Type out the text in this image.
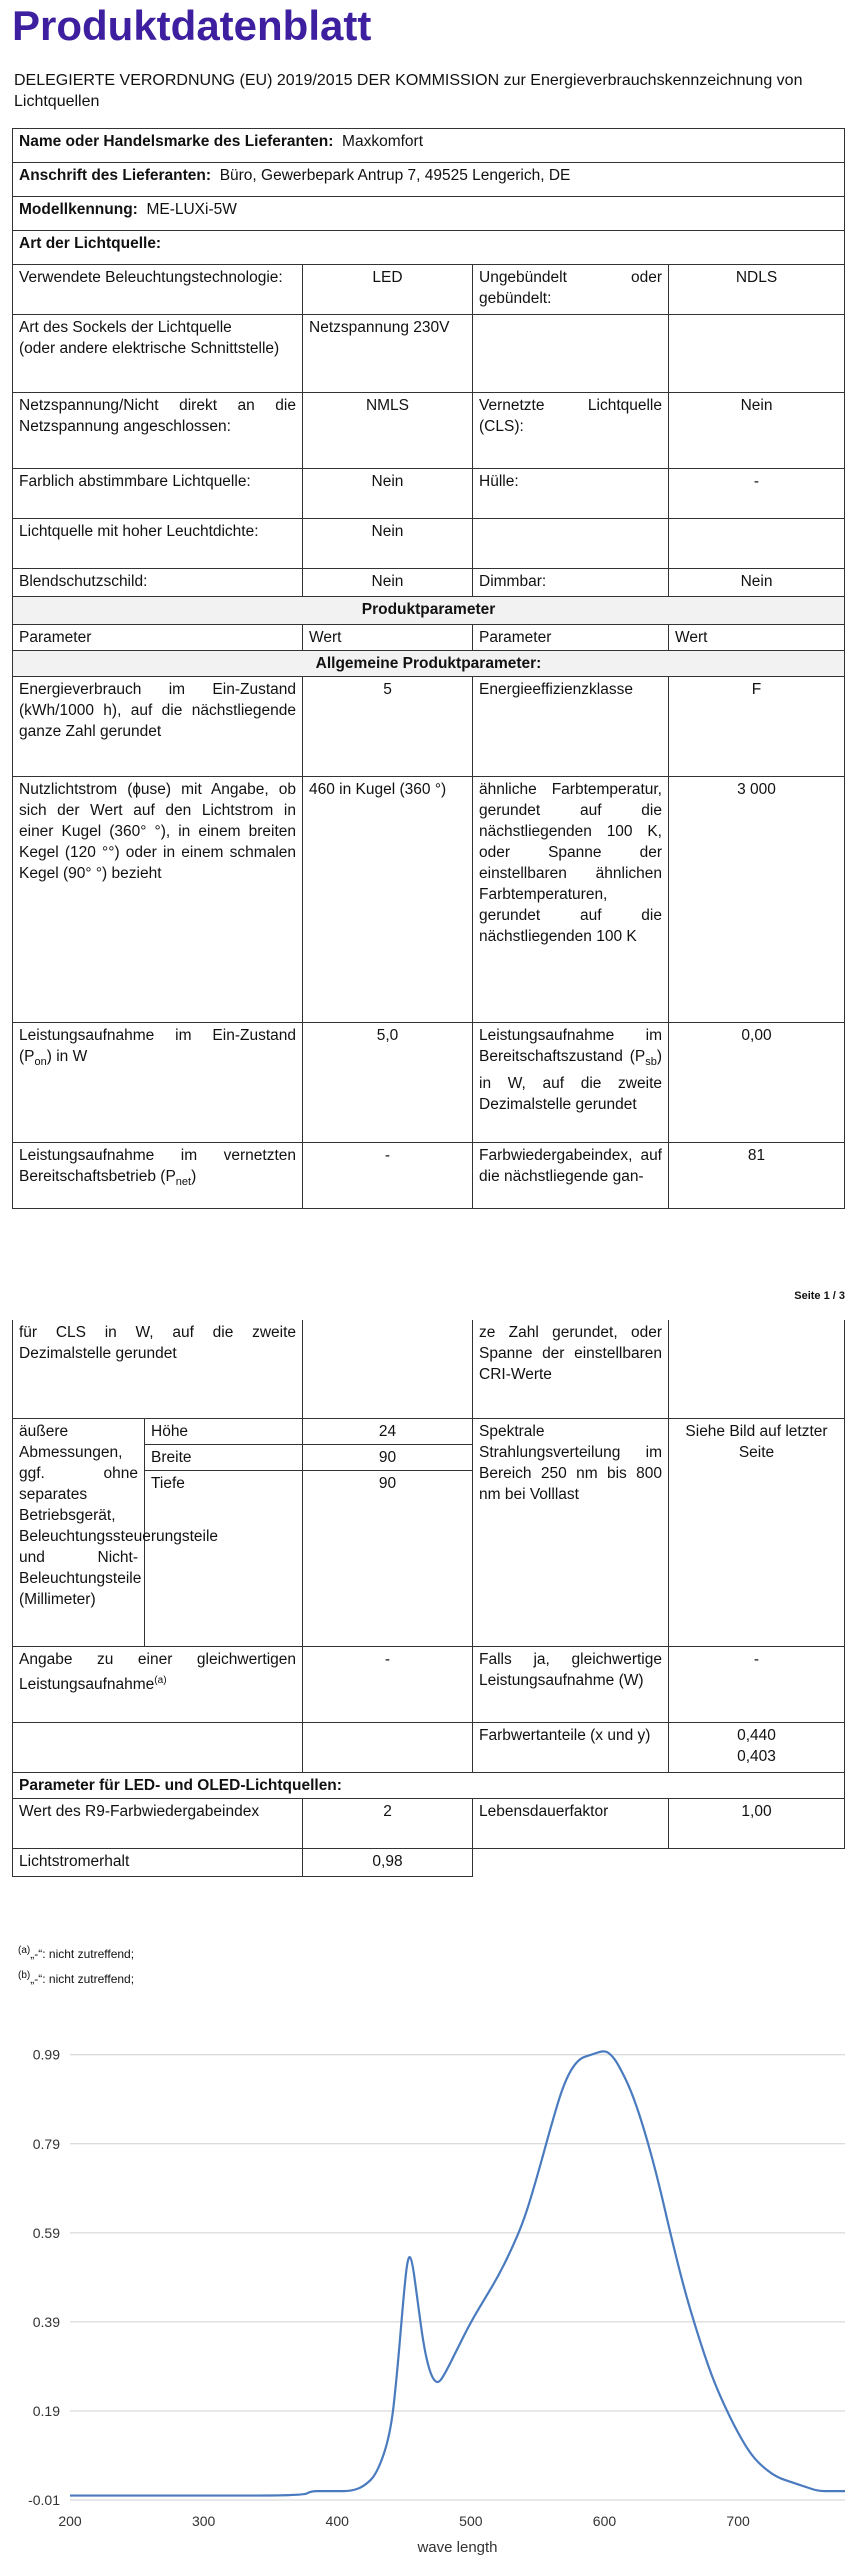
Produktdatenblatt
DELEGIERTE VERORDNUNG (EU) 2019/2015 DER KOMMISSION zur Energieverbrauchskennzeichnung von Lichtquellen
Name oder Handelsmarke des Lieferanten: Maxkomfort			
Anschrift des Lieferanten: Büro, Gewerbepark Antrup 7, 49525 Lengerich, DE			
Modellkennung: ME-LUXi-5W			
Art der Lichtquelle:			
Verwendete Beleuchtungstechnologie:	LED	Ungebündelt oder gebündelt:	NDLS

Art des Sockels der Lichtquelle
(oder andere elektrische Schnittstelle)	Netzspannung 230V		
Netzspannung/Nicht direkt an die Netzspannung angeschlossen:	NMLS	Vernetzte Lichtquelle (CLS):	Nein
Farblich abstimmbare Lichtquelle:	Nein	Hülle:	-
Lichtquelle mit hoher Leuchtdichte:	Nein		
Blendschutzschild:	Nein	Dimmbar:	Nein
Produktparameter			
Parameter	Wert	Parameter	Wert
Allgemeine Produktparameter:			
Energieverbrauch im Ein-Zustand (kWh/1000 h), auf die nächstliegende ganze Zahl gerundet	5	Energieeffizienzklasse	F
Nutzlichtstrom (ɸuse) mit Angabe, ob sich der Wert auf den Lichtstrom in einer Kugel (360° °), in einem breiten Kegel (120 °°) oder in einem schmalen Kegel (90° °) bezieht	460 in Kugel (360 °)	ähnliche Farbtemperatur, gerundet auf die nächstliegenden 100 K, oder Spanne der einstellbaren ähnlichen Farbtemperaturen, gerundet auf die nächstliegenden 100 K	3 000
Leistungsaufnahme im Ein-Zustand $(P_{on})$ in W	5,0	Leistungsaufnahme im Bereitschaftszustand $(P_{sb})$ in W, auf die zweite Dezimalstelle gerundet	0,00
Leistungsaufnahme im vernetzten Bereitschaftsbetrieb $(P_{net})$	-	Farbwiedergabeindex, auf die nächstliegende gan-	81
Seite 1 / 3
für CLS in W, auf die zweite Dezimalstelle gerundet			ze Zahl gerundet, oder Spanne der einstellbaren CRI-Werte	
äußere Abmessungen, ggf. ohne separates Betriebsgerät, Beleuchtungssteuerungsteile und Nicht-Beleuchtungsteile (Millimeter)	Höhe	24	Spektrale Strahlungsverteilung im Bereich 250 nm bis 800 nm bei Volllast	Siehe Bild auf letzter Seite
	Breite	90		
	Tiefe	90		
Angabe zu einer gleichwertigen Leistungsaufnahme$^{(a)}$		-	Falls ja, gleichwertige Leistungsaufnahme (W)	-
			Farbwertanteile (x und y)	0,440
0,403

Parameter für LED- und OLED-Lichtquellen:				
Wert des R9-Farbwiedergabeindex		2	Lebensdauerfaktor	1,00
Lichtstromerhalt		0,98		
$^{(a)}$„-“: nicht zutreffend;
$^{(b)}$„-“: nicht zutreffend;
-0.01
0.19
0.39
0.59
0.79
0.99
200	300	400	500	600	700
wave length
